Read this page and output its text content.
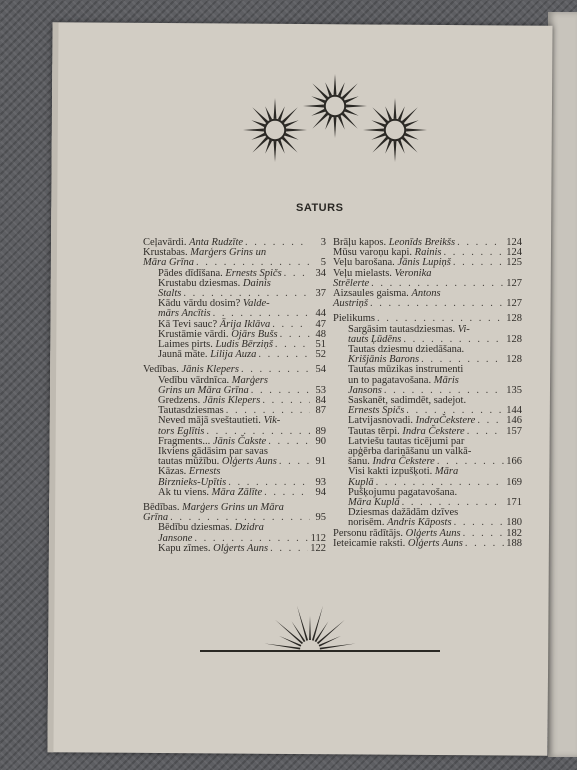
SATURS
Ceļavārdi. Anta Rudzīte . . .	3
Krustabas. Marģers Grins un
Māra Grīna . . .	5
Pādes dīdīšana. Ernests Spičs . . .	34
Krustabu dziesmas. Dainis
Stalts . . .	37
Kādu vārdu dosim? Valde-
mārs Ancītis . . .	44
Kā Tevi sauc? Ārija Iklāva . . .	47
Krustāmie vārdi. Ojārs Bušs . . .	48
Laimes pirts. Ludis Bērziņš . . .	51
Jaunā māte. Lilija Auza . . .	52
Vedības. Jānis Klepers . . .	54
Vedību vārdnīca. Marģers
Grins un Māra Grīna . . .	53
Gredzens. Jānis Klepers . . .	84
Tautasdziesmas . . .	87
Neved mājā sveštautieti. Vik-
tors Eglītis . . .	89
Fragments... Jānis Čakste . . .	90
Ikviens gādāsim par savas
tautas mūžību. Olģerts Auns . . .	91
Kāzas. Ernests
Birznieks-Upītis . . .	93
Ak tu viens. Māra Zālīte . . .	94
Bēdības. Marģers Grins un Māra
Grīna . . .	95
Bēdību dziesmas. Dzidra
Jansone . . .	112
Kapu zīmes. Olģerts Auns . . .	122
Brāļu kapos. Leonīds Breikšs . . .	124
Mūsu varoņu kapi. Rainis . . .	124
Veļu barošana. Jānis Lupiņš . . .	125
Veļu mielasts. Veronika
Strēlerte . . .	127
Aizsaules gaisma. Antons
Austriņš . . .	127
Pielikums . . .	128
Sargāsim tautasdziesmas. Vi-
tauts Ļūdēns . . .	128
Tautas dziesmu dziedāšana.
Krišjānis Barons . . .	128
Tautas mūzikas instrumenti
un to pagatavošana. Māris
Jansons . . .	135
Saskanēt, sadimdēt, sadejot.
Ernests Spičs . . .	144
Latvijasnovadi. IndraČekstere . . .	146
Tautas tērpi. Indra Čekstere . . .	157
Latviešu tautas ticējumi par
apģērba darināšanu un valkā-
šanu. Indra Čekstere . . .	166
Visi kakti izpušķoti. Māra
Kuplā . . .	169
Pušķojumu pagatavošana.
Māra Kuplā . . .	171
Dziesmas dažādām dzīves
norisēm. Andris Kāposts . . .	180
Personu rādītājs. Olģerts Auns . . .	182
Ieteicamie raksti. Olģerts Auns . . .	188
